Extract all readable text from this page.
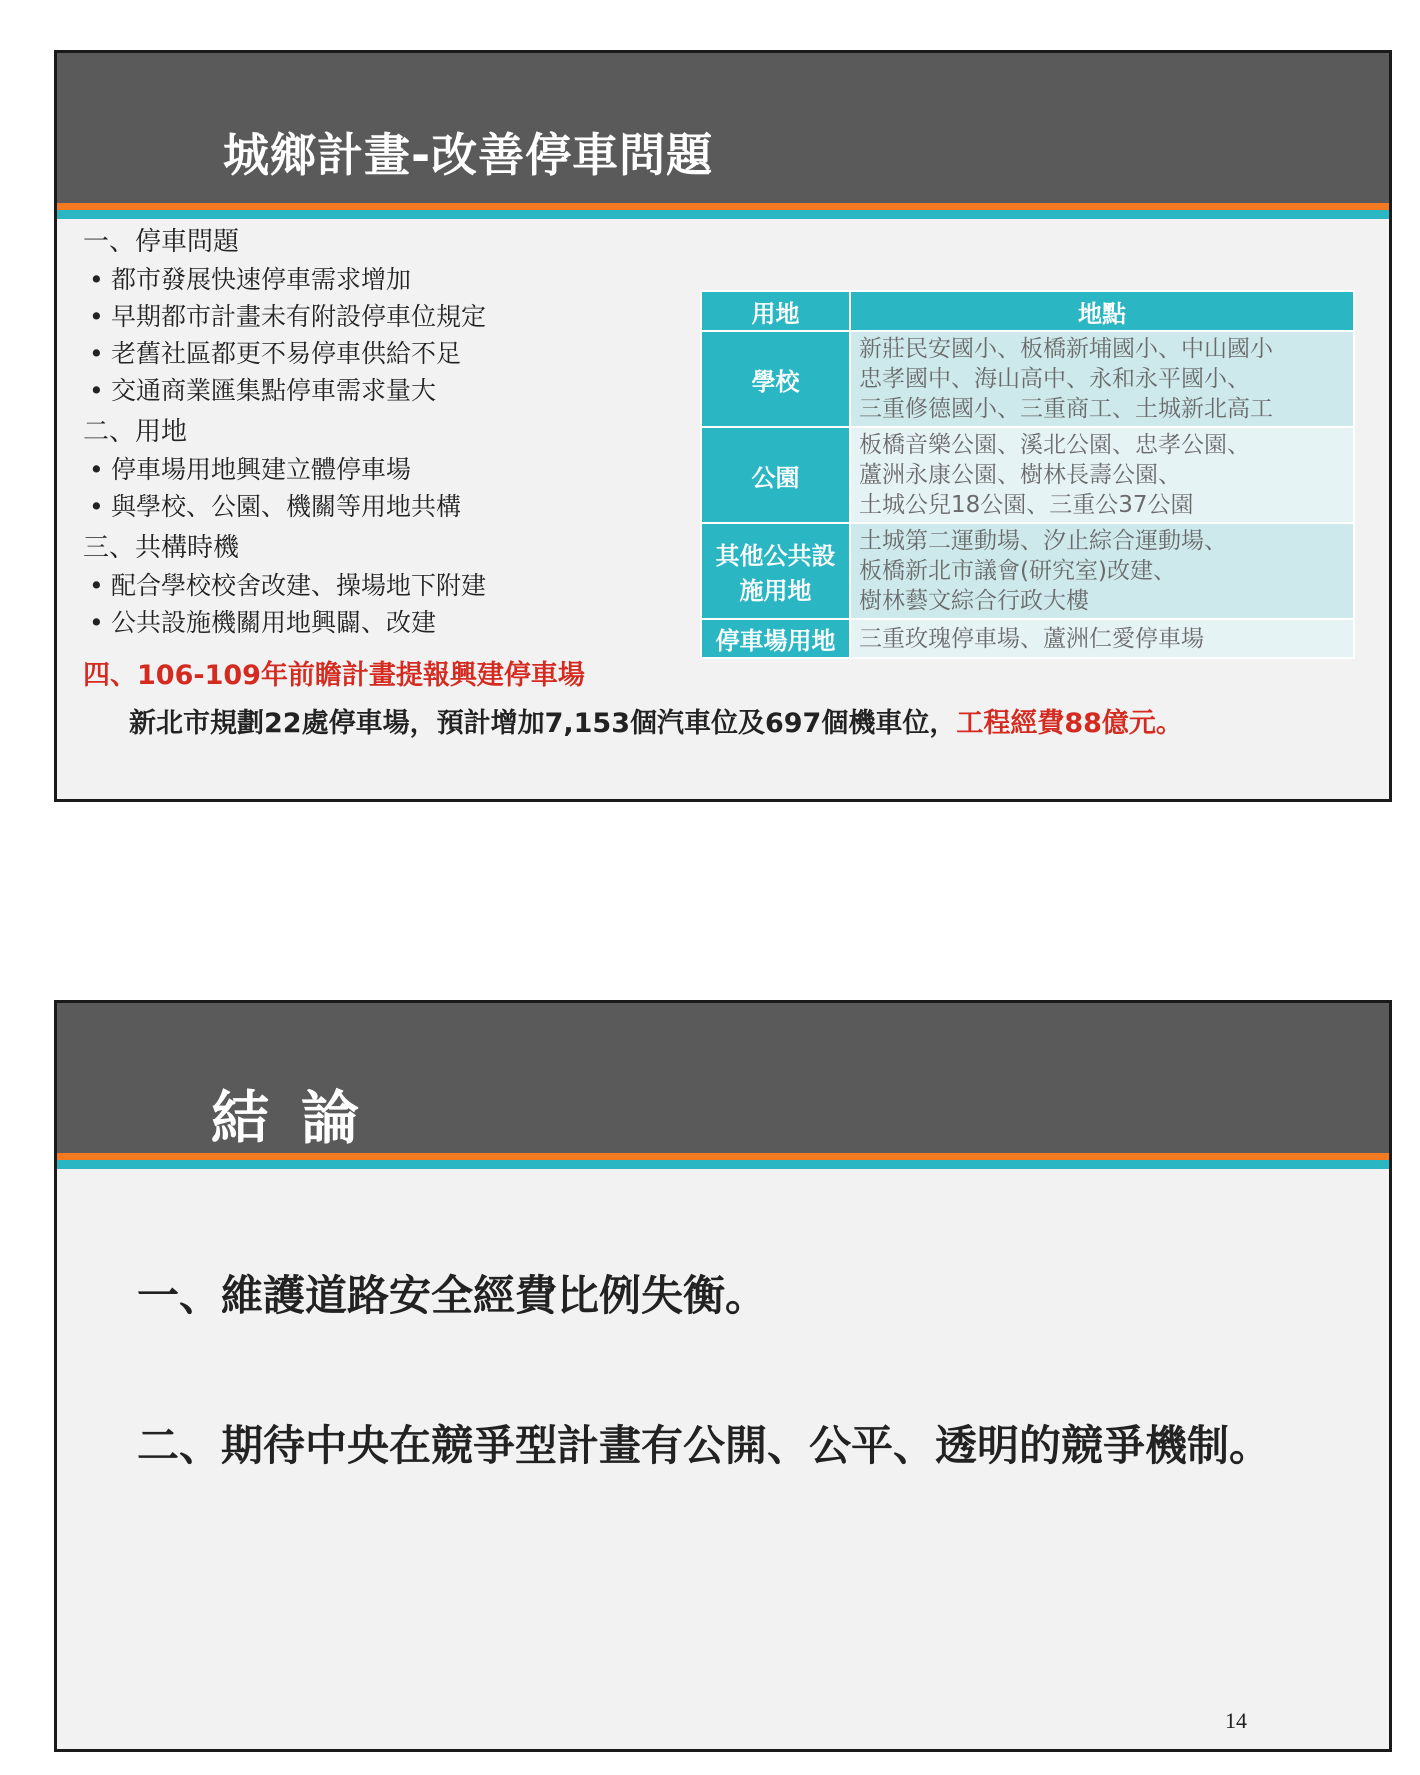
城鄉計畫-改善停車問題
一、停車問題
• 都市發展快速停車需求增加
• 早期都市計畫未有附設停車位規定
• 老舊社區都更不易停車供給不足
• 交通商業匯集點停車需求量大
二、用地
• 停車場用地興建立體停車場
• 與學校、公園、機關等用地共構
三、共構時機
• 配合學校校舍改建、操場地下附建
• 公共設施機關用地興闢、改建
四、106-109年前瞻計畫提報興建停車場
新北市規劃22處停車場，預計增加7,153個汽車位及697個機車位，工程經費88億元。
用地	地點

學校	新莊民安國小、板橋新埔國小、中山國小
忠孝國中、海山高中、永和永平國小、
三重修德國小、三重商工、土城新北高工

公園	板橋音樂公園、溪北公園、忠孝公園、
蘆洲永康公園、樹林長壽公園、
土城公兒18公園、三重公37公園

其他公共設
施用地	土城第二運動場、汐止綜合運動場、
板橋新北市議會(研究室)改建、
樹林藝文綜合行政大樓

停車場用地	三重玫瑰停車場、蘆洲仁愛停車場
結論
一、維護道路安全經費比例失衡。
二、期待中央在競爭型計畫有公開、公平、透明的競爭機制。
14
